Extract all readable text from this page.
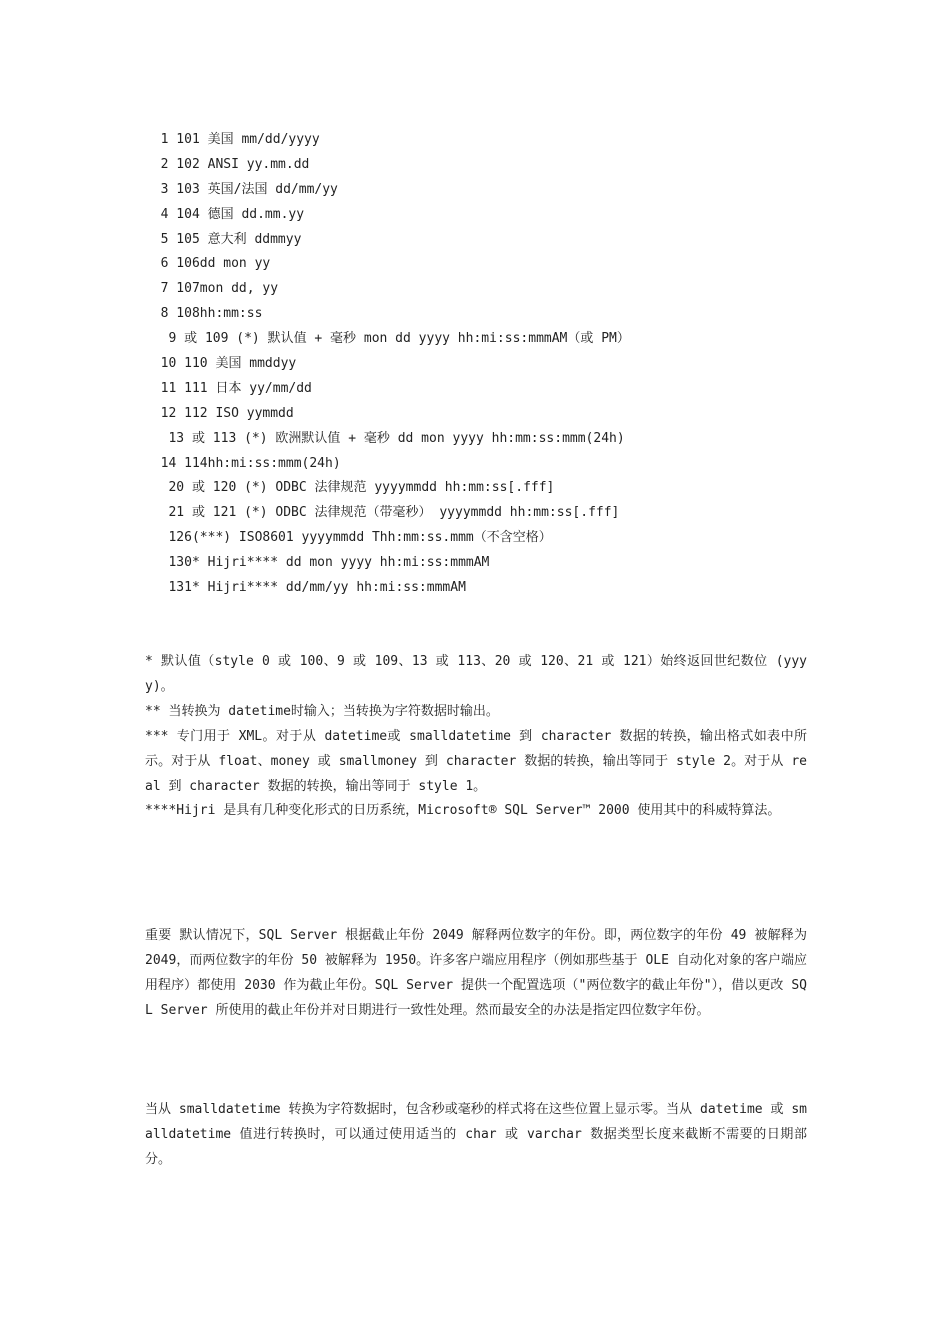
1 101 美国 mm/dd/yyyy
2 102 ANSI yy.mm.dd
3 103 英国/法国 dd/mm/yy
4 104 德国 dd.mm.yy
5 105 意大利 ddmmyy
6 106dd mon yy
7 107mon dd, yy
8 108hh:mm:ss
9 或 109 (*) 默认值 + 毫秒 mon dd yyyy hh:mi:ss:mmmAM（或 PM）
10 110 美国 mmddyy
11 111 日本 yy/mm/dd
12 112 ISO yymmdd
13 或 113 (*) 欧洲默认值 + 毫秒 dd mon yyyy hh:mm:ss:mmm(24h)
14 114hh:mi:ss:mmm(24h)
20 或 120 (*) ODBC 法律规范 yyyymmdd hh:mm:ss[.fff]
21 或 121 (*) ODBC 法律规范（带毫秒） yyyymmdd hh:mm:ss[.fff]
126(***) ISO8601 yyyymmdd Thh:mm:ss.mmm（不含空格）
130* Hijri**** dd mon yyyy hh:mi:ss:mmmAM
131* Hijri**** dd/mm/yy hh:mi:ss:mmmAM
* 默认值（style 0 或 100、9 或 109、13 或 113、20 或 120、21 或 121）始终返回世纪数位 (yyyy)。
** 当转换为 datetime时输入；当转换为字符数据时输出。
*** 专门用于 XML。对于从 datetime或 smalldatetime 到 character 数据的转换，输出格式如表中所示。对于从 float、money 或 smallmoney 到 character 数据的转换，输出等同于 style 2。对于从 real 到 character 数据的转换，输出等同于 style 1。
****Hijri 是具有几种变化形式的日历系统，Microsoft® SQL Server™ 2000 使用其中的科威特算法。
重要 默认情况下，SQL Server 根据截止年份 2049 解释两位数字的年份。即，两位数字的年份 49 被解释为 2049，而两位数字的年份 50 被解释为 1950。许多客户端应用程序（例如那些基于 OLE 自动化对象的客户端应用程序）都使用 2030 作为截止年份。SQL Server 提供一个配置选项（"两位数字的截止年份"），借以更改 SQL Server 所使用的截止年份并对日期进行一致性处理。然而最安全的办法是指定四位数字年份。
当从 smalldatetime 转换为字符数据时，包含秒或毫秒的样式将在这些位置上显示零。当从 datetime 或 smalldatetime 值进行转换时，可以通过使用适当的 char 或 varchar 数据类型长度来截断不需要的日期部分。
